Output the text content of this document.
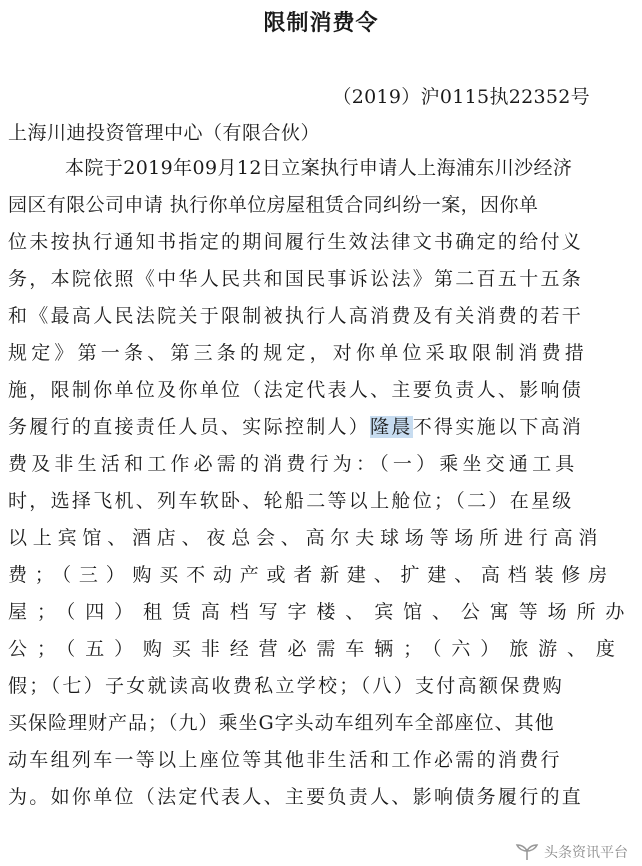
限制消费令
（2019）沪0115执22352号
上海川迪投资管理中心（有限合伙）
本院于2019年09月12日立案执行申请人上海浦东川沙经济
园区有限公司申请 执行你单位房屋租赁合同纠纷一案，因你单
位未按执行通知书指定的期间履行生效法律文书确定的给付义
务，本院依照《中华人民共和国民事诉讼法》第二百五十五条
和《最高人民法院关于限制被执行人高消费及有关消费的若干
规定》第一条、第三条的规定，对你单位采取限制消费措
施，限制你单位及你单位（法定代表人、主要负责人、影响债
务履行的直接责任人员、实际控制人）隆晨不得实施以下高消
费及非生活和工作必需的消费行为：（一）乘坐交通工具
时，选择飞机、列车软卧、轮船二等以上舱位；（二）在星级
以上宾馆、酒店、夜总会、高尔夫球场等场所进行高消
费；（三）购买不动产或者新建、扩建、高档装修房
屋；（四）租赁高档写字楼、宾馆、公寓等场所办
公；（五）购买非经营必需车辆；（六）旅游、度
假；（七）子女就读高收费私立学校；（八）支付高额保费购
买保险理财产品；（九）乘坐G字头动车组列车全部座位、其他
动车组列车一等以上座位等其他非生活和工作必需的消费行
为。如你单位（法定代表人、主要负责人、影响债务履行的直
头条资讯平台
